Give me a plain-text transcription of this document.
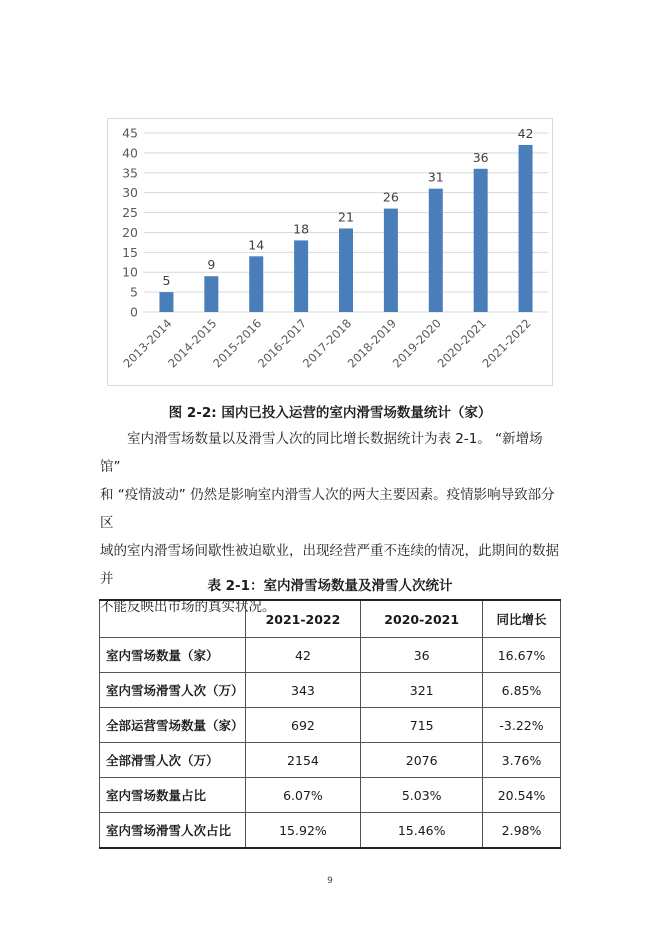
0
5
10
15
20
25
30
35
40
45
5
2013-2014
9
2014-2015
14
2015-2016
18
2016-2017
21
2017-2018
26
2018-2019
31
2019-2020
36
2020-2021
42
2021-2022
图 2-2: 国内已投入运营的室内滑雪场数量统计（家）

室内滑雪场数量以及滑雪人次的同比增长数据统计为表 2-1。 “新增场馆”

和 “疫情波动” 仍然是影响室内滑雪人次的两大主要因素。疫情影响导致部分区

域的室内滑雪场间歇性被迫歇业，出现经营严重不连续的情况，此期间的数据并

不能反映出市场的真实状况。

表 2-1：室内滑雪场数量及滑雪人次统计
	2021-2022	2020-2021	同比增长
室内雪场数量（家）	42	36	16.67%
室内雪场滑雪人次（万）	343	321	6.85%
全部运营雪场数量（家）	692	715	-3.22%
全部滑雪人次（万）	2154	2076	3.76%
室内雪场数量占比	6.07%	5.03%	20.54%
室内雪场滑雪人次占比	15.92%	15.46%	2.98%
9
